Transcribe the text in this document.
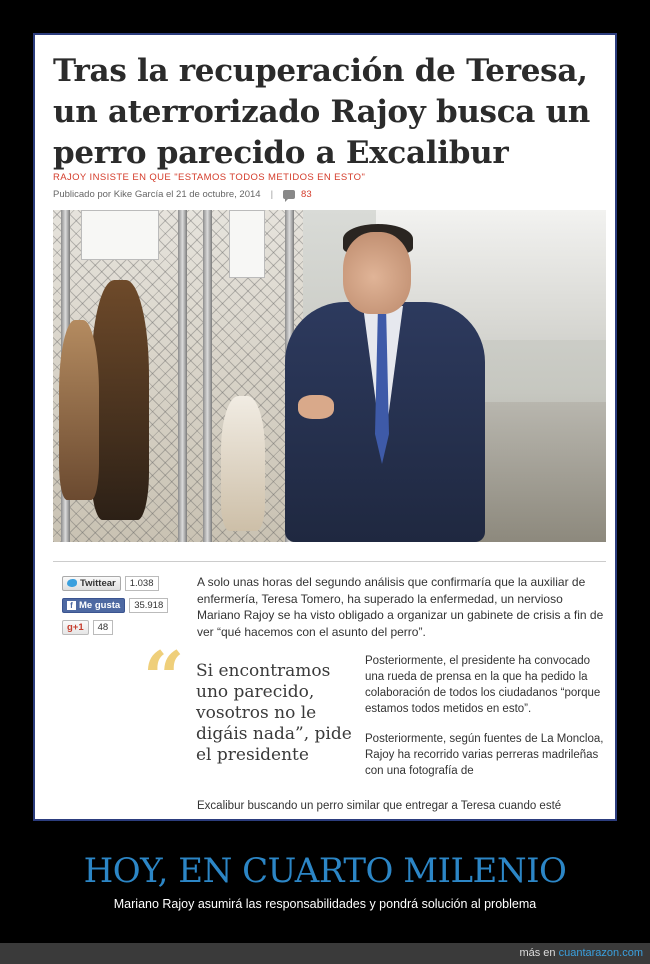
Tras la recuperación de Teresa,
un aterrorizado Rajoy busca un
perro parecido a Excalibur
RAJOY INSISTE EN QUE "ESTAMOS TODOS METIDOS EN ESTO"
Publicado por Kike García el 21 de octubre, 2014 |	83
Twittear	1.038
f Me gusta	35.918
g+1	48

A solo unas horas del segundo análisis que confirmaría que la auxiliar de enfermería, Teresa Tomero, ha superado la enfermedad, un nervioso Mariano Rajoy se ha visto obligado a organizar un gabinete de crisis a fin de ver “qué hacemos con el asunto del perro”.

“ Si encontramos uno parecido, vosotros no le digáis nada”, pide el presidente

Posteriormente, el presidente ha convocado una rueda de prensa en la que ha pedido la colaboración de todos los ciudadanos “porque estamos todos metidos en esto”.

Posteriormente, según fuentes de La Moncloa, Rajoy ha recorrido varias perreras madrileñas con una fotografía de

Excalibur buscando un perro similar que entregar a Teresa cuando esté

HOY, EN CUARTO MILENIO
Mariano Rajoy asumirá las responsabilidades y pondrá solución al problema
más en cuantarazon.com
